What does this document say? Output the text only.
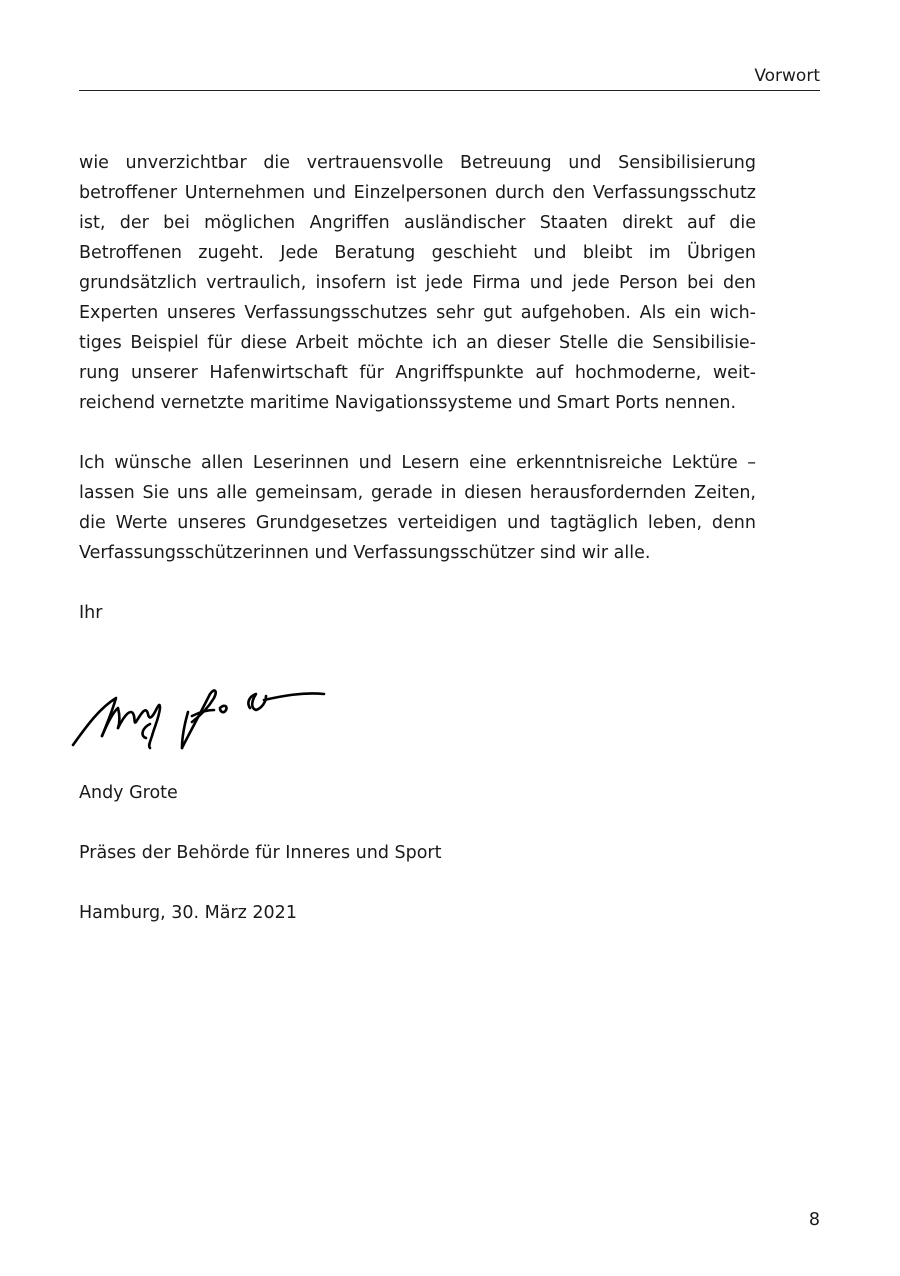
Vorwort

wie unverzichtbar die vertrauensvolle Betreuung und Sensibilisierung betroffener Unternehmen und Einzelpersonen durch den Verfassungsschutz ist, der bei möglichen Angriffen ausländischer Staaten direkt auf die Betroffenen zugeht. Jede Beratung geschieht und bleibt im Übrigen grundsätzlich vertraulich, insofern ist jede Firma und jede Person bei den Experten unseres Verfassungsschutzes sehr gut aufgehoben. Als ein wichtiges Beispiel für diese Arbeit möchte ich an dieser Stelle die Sensibilisierung unserer Hafenwirtschaft für Angriffspunkte auf hochmoderne, weitreichend vernetzte maritime Navigationssysteme und Smart Ports nennen.

Ich wünsche allen Leserinnen und Lesern eine erkenntnisreiche Lektüre – lassen Sie uns alle gemeinsam, gerade in diesen herausfordernden Zeiten, die Werte unseres Grundgesetzes verteidigen und tagtäglich leben, denn Verfassungsschützerinnen und Verfassungsschützer sind wir alle.

Ihr

Andy Grote

Präses der Behörde für Inneres und Sport

Hamburg, 30. März 2021

8
